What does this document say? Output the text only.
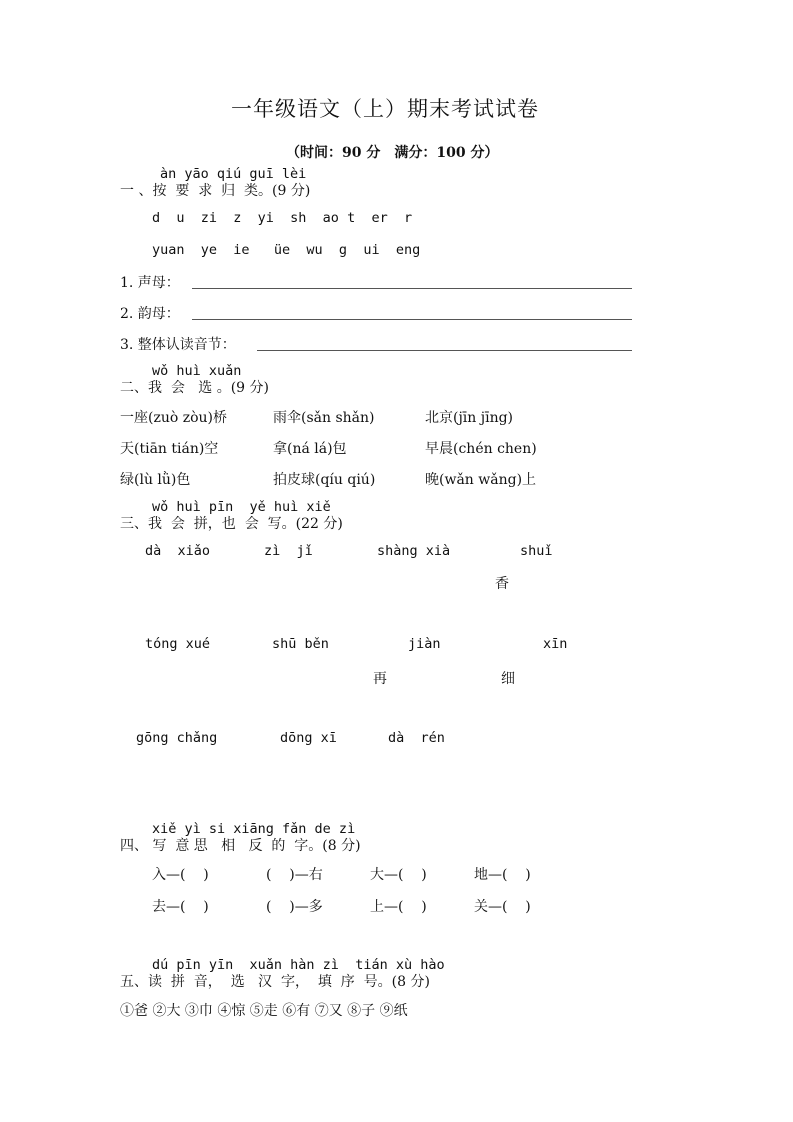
一年级语文（上）期末考试试卷
（时间：90 分　满分：100 分）
àn yāo qiú guī lèi
一 、按  要  求  归  类。(9 分)
d  u  zi  z  yi  sh  ao t  er  r
yuan  ye  ie   üe  wu  g  ui  eng
1. 声母：
2. 韵母：
3. 整体认读音节：
wǒ huì xuǎn
二、我  会   选 。(9 分)
一座(zuò zòu)桥	雨伞(sǎn shǎn)	北京(jīn jīng)
天(tiān tián)空	拿(ná lá)包	早晨(chén chen)
绿(lù lǜ)色	拍皮球(qíu qiú)	晚(wǎn wǎng)上
wǒ huì pīn  yě huì xiě
三、我  会  拼，也  会  写。(22 分)
dà  xiǎo	zì  jǐ	shàng xià	shuǐ
香
tóng xué	shū běn	jiàn	xīn
再	细
gōng chǎng	dōng xī	dà  rén
xiě yì si xiāng fǎn de zì
四、 写  意 思   相   反  的  字。(8 分)
入—(    )	(    )—右	大—(    )	地—(    )
去—(    )	(    )—多	上—(    )	关—(    )
dú pīn yīn  xuǎn hàn zì  tián xù hào
五、读  拼  音，  选   汉  字，  填  序  号。(8 分)
①爸 ②大 ③巾 ④惊 ⑤走 ⑥有 ⑦又 ⑧子 ⑨纸
